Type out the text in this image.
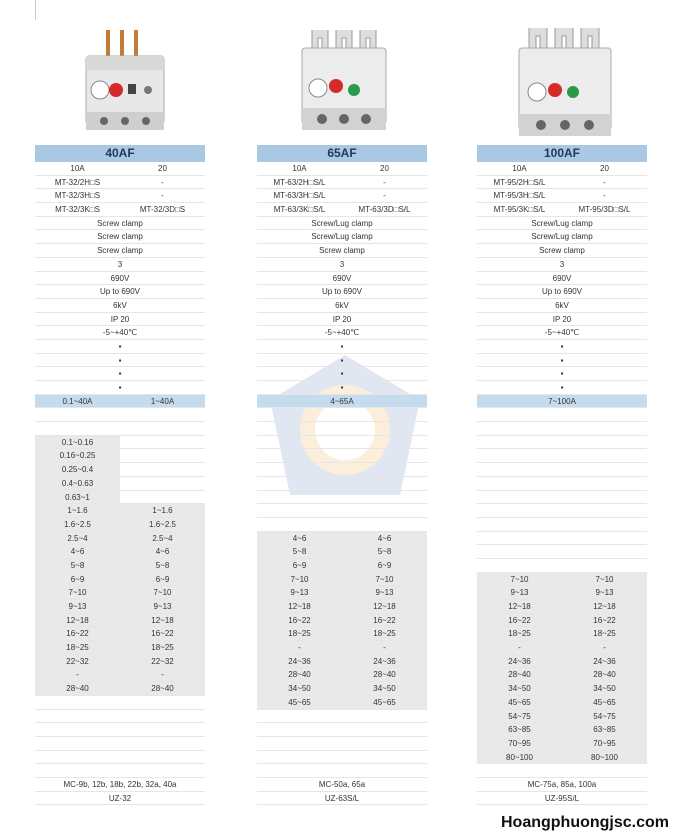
40AF
10A	20
MT-32/2H□S	-
MT-32/3H□S	-
MT-32/3K□S	MT-32/3D□S
Screw clamp
Screw clamp
Screw clamp
3
690V
Up to 690V
6kV
IP 20
-5~+40℃
▪
▪
▪
▪
0.1~40A	1~40A
0.1~0.16
0.16~0.25
0.25~0.4
0.4~0.63
0.63~1
1~1.6	1~1.6
1.6~2.5	1.6~2.5
2.5~4	2.5~4
4~6	4~6
5~8	5~8
6~9	6~9
7~10	7~10
9~13	9~13
12~18	12~18
16~22	16~22
18~25	18~25
22~32	22~32
-	-
28~40	28~40
MC-9b, 12b, 18b, 22b, 32a, 40a
UZ-32
65AF
10A	20
MT-63/2H□S/L	-
MT-63/3H□S/L	-
MT-63/3K□S/L	MT-63/3D□S/L
Screw/Lug clamp
Screw/Lug clamp
Screw clamp
3
690V
Up to 690V
6kV
IP 20
-5~+40℃
▪
▪
▪
▪
4~65A
4~6	4~6
5~8	5~8
6~9	6~9
7~10	7~10
9~13	9~13
12~18	12~18
16~22	16~22
18~25	18~25
-	-
24~36	24~36
28~40	28~40
34~50	34~50
45~65	45~65
MC-50a, 65a
UZ-63S/L
100AF
10A	20
MT-95/2H□S/L	-
MT-95/3H□S/L	-
MT-95/3K□S/L	MT-95/3D□S/L
Screw/Lug clamp
Screw/Lug clamp
Screw clamp
3
690V
Up to 690V
6kV
IP 20
-5~+40℃
▪
▪
▪
▪
7~100A
7~10	7~10
9~13	9~13
12~18	12~18
16~22	16~22
18~25	18~25
-	-
24~36	24~36
28~40	28~40
34~50	34~50
45~65	45~65
54~75	54~75
63~85	63~85
70~95	70~95
80~100	80~100
MC-75a, 85a, 100a
UZ-95S/L
Hoangphuongjsc.com
